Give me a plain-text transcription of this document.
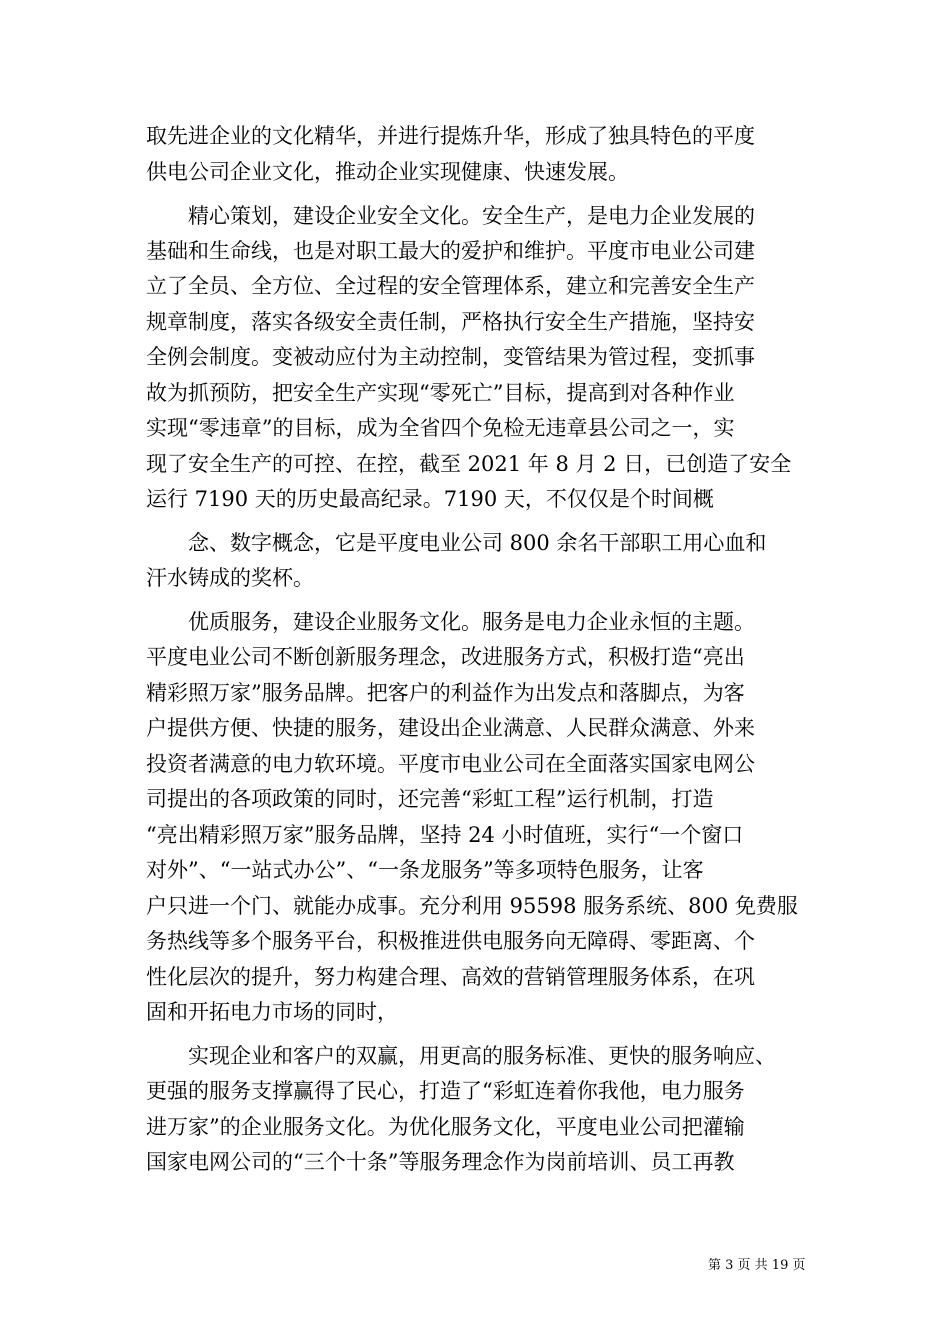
取先进企业的文化精华，并进行提炼升华，形成了独具特色的平度
供电公司企业文化，推动企业实现健康、快速发展。
精心策划，建设企业安全文化。安全生产，是电力企业发展的
基础和生命线，也是对职工最大的爱护和维护。平度市电业公司建
立了全员、全方位、全过程的安全管理体系，建立和完善安全生产
规章制度，落实各级安全责任制，严格执行安全生产措施，坚持安
全例会制度。变被动应付为主动控制，变管结果为管过程，变抓事
故为抓预防，把安全生产实现“零死亡”目标，提高到对各种作业
实现“零违章”的目标，成为全省四个免检无违章县公司之一，实
现了安全生产的可控、在控，截至 2021 年 8 月 2 日，已创造了安全
运行 7190 天的历史最高纪录。7190 天，不仅仅是个时间概
念、数字概念，它是平度电业公司 800 余名干部职工用心血和
汗水铸成的奖杯。
优质服务，建设企业服务文化。服务是电力企业永恒的主题。
平度电业公司不断创新服务理念，改进服务方式，积极打造“亮出
精彩照万家”服务品牌。把客户的利益作为出发点和落脚点，为客
户提供方便、快捷的服务，建设出企业满意、人民群众满意、外来
投资者满意的电力软环境。平度市电业公司在全面落实国家电网公
司提出的各项政策的同时，还完善“彩虹工程”运行机制，打造
“亮出精彩照万家”服务品牌，坚持 24 小时值班，实行“一个窗口
对外”、“一站式办公”、“一条龙服务”等多项特色服务，让客
户只进一个门、就能办成事。充分利用 95598 服务系统、800 免费服
务热线等多个服务平台，积极推进供电服务向无障碍、零距离、个
性化层次的提升，努力构建合理、高效的营销管理服务体系，在巩
固和开拓电力市场的同时，
实现企业和客户的双赢，用更高的服务标准、更快的服务响应、
更强的服务支撑赢得了民心，打造了“彩虹连着你我他，电力服务
进万家”的企业服务文化。为优化服务文化，平度电业公司把灌输
国家电网公司的“三个十条”等服务理念作为岗前培训、员工再教
第 3 页 共 19 页
